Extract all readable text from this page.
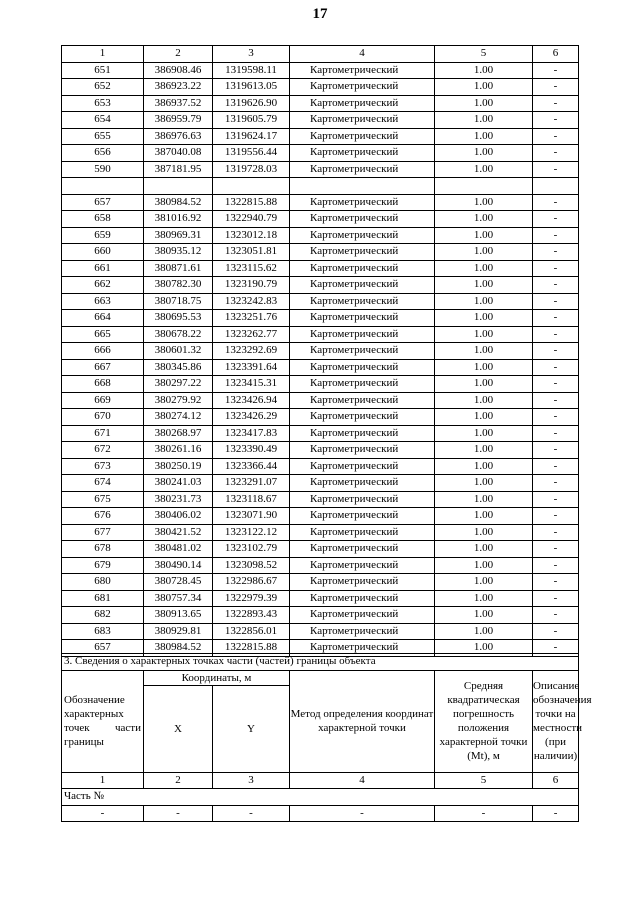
17
1	2	3	4	5	6
651	386908.46	1319598.11	Картометрический	1.00	-
652	386923.22	1319613.05	Картометрический	1.00	-
653	386937.52	1319626.90	Картометрический	1.00	-
654	386959.79	1319605.79	Картометрический	1.00	-
655	386976.63	1319624.17	Картометрический	1.00	-
656	387040.08	1319556.44	Картометрический	1.00	-
590	387181.95	1319728.03	Картометрический	1.00	-

657	380984.52	1322815.88	Картометрический	1.00	-
658	381016.92	1322940.79	Картометрический	1.00	-
659	380969.31	1323012.18	Картометрический	1.00	-
660	380935.12	1323051.81	Картометрический	1.00	-
661	380871.61	1323115.62	Картометрический	1.00	-
662	380782.30	1323190.79	Картометрический	1.00	-
663	380718.75	1323242.83	Картометрический	1.00	-
664	380695.53	1323251.76	Картометрический	1.00	-
665	380678.22	1323262.77	Картометрический	1.00	-
666	380601.32	1323292.69	Картометрический	1.00	-
667	380345.86	1323391.64	Картометрический	1.00	-
668	380297.22	1323415.31	Картометрический	1.00	-
669	380279.92	1323426.94	Картометрический	1.00	-
670	380274.12	1323426.29	Картометрический	1.00	-
671	380268.97	1323417.83	Картометрический	1.00	-
672	380261.16	1323390.49	Картометрический	1.00	-
673	380250.19	1323366.44	Картометрический	1.00	-
674	380241.03	1323291.07	Картометрический	1.00	-
675	380231.73	1323118.67	Картометрический	1.00	-
676	380406.02	1323071.90	Картометрический	1.00	-
677	380421.52	1323122.12	Картометрический	1.00	-
678	380481.02	1323102.79	Картометрический	1.00	-
679	380490.14	1323098.52	Картометрический	1.00	-
680	380728.45	1322986.67	Картометрический	1.00	-
681	380757.34	1322979.39	Картометрический	1.00	-
682	380913.65	1322893.43	Картометрический	1.00	-
683	380929.81	1322856.01	Картометрический	1.00	-
657	380984.52	1322815.88	Картометрический	1.00	-
3. Сведения о характерных точках части (частей) границы объекта					
Обозначение характерных точек части границы	Координаты, м		Метод определения координат характерной точки	Средняя квадратическая погрешность положения характерной точки (Mt), м	Описание обозначения точки на местности (при наличии)
	X	Y			
1	2	3	4	5	6
Часть №					
-	-	-	-	-	-
